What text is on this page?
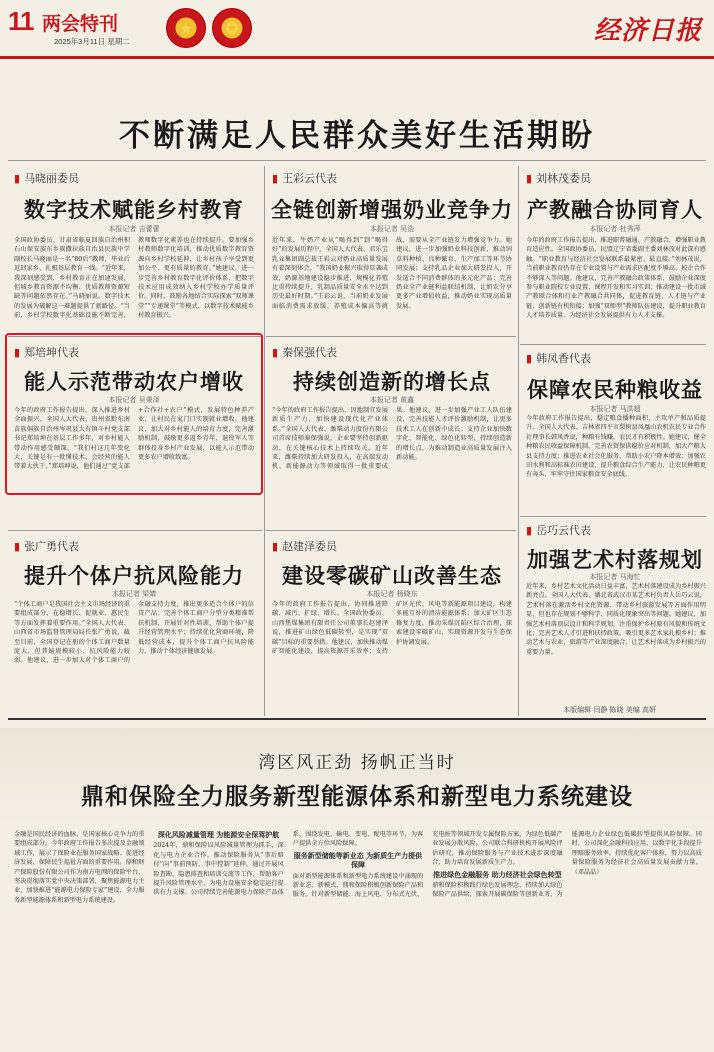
11 两会特刊
2025年3月11日 星期二
★	✪	经济日报
不断满足人民群众美好生活期盼
▮ 马晓丽委员
数字技术赋能乡村教育
本报记者 吉蕾蕾
全国政协委员、甘肃省临夏回族自治州积石山保安族东乡族撒拉族自治县民族中学副校长马晓丽是一名“80后”教师，毕业后返回家乡，扎根基层教育一线。“近年来，我深刻感受到，乡村教育正在加速发展，但城乡教育资源不均衡、优质教师资源短缺等问题依然存在。”马晓丽说，数字技术的发展为破解这一难题提供了新路径。“当前，乡村学校数字化基础设施不断完善，教师数字化素养也在持续提升。要加强乡村教师数字化培训，推动优质数字教育资源向乡村学校延伸，让乡村孩子享受到更加公平、更有质量的教育。”她建议，进一步完善乡村教育数字化评价体系，把数字技术应用成效纳入乡村学校办学质量评价。同时，鼓励各地结合实际探索“双师课堂”“专递课堂”等模式，以数字技术赋能乡村教育振兴。
▮ 王彩云代表
全链创新增强奶业竞争力
本报记者 吴浩
近年来，牛奶产业从“喝得到”到“喝得好”的发展历程中，全国人大代表、君乐宝乳业集团副总裁王彩云对奶业高质量发展有着深刻体会。“我国奶业振兴取得显著成效，奶源基地建设稳步推进，规模化养殖比重持续提升，乳制品质量安全水平达到历史最好时期。”王彩云说，当前奶业发展面临消费需求放缓、养殖成本偏高等挑战，需要从全产业链发力增强竞争力。她建议，进一步加强奶业科技创新，推动饲草料种植、良种繁育、生产加工等环节协同发展；支持乳品企业加大研发投入，开发适合不同消费群体的多元化产品；完善奶业全产业链利益联结机制，让奶农分享更多产业增值收益，推动奶业实现高质量发展。
▮ 刘林茂委员
产教融合协同育人
本报记者 杜秀萍
今年的政府工作报告提出，推进职普融通、产教融合，增强职业教育适应性。全国政协委员、民盟辽宁省委副主委刘林茂对此深有感触。“职业教育与经济社会发展联系最紧密、最直接。”刘林茂说，当前职业教育仍存在专业设置与产业需求匹配度不够高、校企合作不够深入等问题。他建议，完善产教融合政策体系，鼓励企业深度参与职业院校专业设置、课程开发和实习实训；推动建设一批市域产教联合体和行业产教融合共同体，促进教育链、人才链与产业链、创新链有机衔接；加强“双师型”教师队伍建设，提升职业教育人才培养质量，为经济社会发展提供有力人才支撑。
▮ 郑培坤代表
能人示范带动农户增收
本报记者 吴秉泽
今年的政府工作报告提出，深入推进乡村全面振兴。全国人大代表、贵州省黔东南苗族侗族自治州岑巩县大有镇斗村党支部书记郑培坤在基层工作多年，对乡村能人带动作用感受颇深。“我们村这几年变化大，关键是有一批懂技术、会经营的能人带着大伙干。”郑培坤说，他们通过“党支部+合作社+农户”模式，发展特色种养产业，让村民在家门口实现就业增收。他建议，加大对乡村能人的培育力度，完善激励机制，鼓励更多返乡青年、退役军人等群体投身乡村产业发展，以能人示范带动更多农户增收致富。
▮ 秦保强代表
持续创造新的增长点
本报记者 黄鑫
“今年的政府工作报告提出，因地制宜发展新质生产力，加快建设现代化产业体系。”全国人大代表、潍柴动力股份有限公司首席技师秦保强说，企业要坚持创新驱动，在关键核心技术上持续攻关。近年来，潍柴持续加大研发投入，在高端发动机、新能源动力等领域取得一批重要成果。他建议，进一步加强产业工人队伍建设，完善技能人才评价激励机制，让更多技术工人在创新中成长；支持企业加快数字化、智能化、绿色化转型，持续创造新的增长点，为推动制造业高质量发展注入新动能。
▮ 韩凤香代表
保障农民种粮收益
本报记者 马洪超
今年政府工作报告提出，稳定粮食播种面积，主攻单产和品质提升。全国人大代表、吉林省四平市梨树县凤凰山农机农民专业合作社理事长韩凤香说，种粮有钱赚，农民才有积极性。她建议，健全种粮农民收益保障机制，完善农资保供稳价应对机制，加大产粮大县支持力度；推进农业社会化服务，帮助小农户降本增效；加强农田水利和高标准农田建设，提升粮食综合生产能力，让农民种粮更有奔头，牢牢守住国家粮食安全底线。
▮ 张广勇代表
提升个体户抗风险能力
本报记者 梁婧
“个体工商户是我国社会主义市场经济的重要组成部分，在稳增长、促就业、惠民生等方面发挥着重要作用。”全国人大代表、山西省市场监督管理局局长张广勇说，截至目前，全国登记在册的个体工商户数量庞大，但普遍规模较小、抗风险能力较弱。他建议，进一步加大对个体工商户的金融支持力度，推出更多适合个体户的信贷产品；完善个体工商户分型分类精准帮扶机制，开展针对性培训，帮助个体户提升经营管理水平；持续优化营商环境，降低经营成本，提升个体工商户抗风险能力，推动个体经济健康发展。
▮ 赵建泽委员
建设零碳矿山改善生态
本报记者 杨晓东
今年的政府工作报告提出，协同推进降碳、减污、扩绿、增长。全国政协委员、山西焦煤集团有限责任公司董事长赵建泽说，推进矿山绿色低碳转型，是实现“双碳”目标的重要举措。他建议，加快推动煤矿智能化建设，提高资源开采效率；支持矿区光伏、风电等新能源项目建设，构建多能互补的清洁能源体系；加大矿区生态修复力度，推动采煤沉陷区综合治理，探索建设零碳矿山，实现资源开发与生态保护协调发展。
▮ 岳巧云代表
加强艺术村落规划
本报记者 马海忙
近年来，乡村艺术文化活动日益丰富，艺术村落建设成为乡村振兴新亮点。全国人大代表、湖北省武汉市某艺术村负责人岳巧云说，艺术村落在激活乡村文化资源、带动乡村旅游发展等方面作用明显，但也存在规划不够科学、同质化现象突出等问题。她建议，加强艺术村落顶层设计和科学规划，注重保护乡村原有风貌和传统文化；完善艺术人才引进和扶持政策，吸引更多艺术家扎根乡村；推动艺术与农业、旅游等产业深度融合，让艺术村落成为乡村振兴的重要力量。
本版编辑 闫静 陈晓 美编 高妍
湾区风正劲 扬帆正当时
鼎和保险全力服务新型能源体系和新型电力系统建设
金融是国民经济的血脉，是国家核心竞争力的重要组成部分。今年政府工作报告多次提及金融领域工作，展示了保险业在服务国家战略、促进经济发展、保障民生福祉方面的重要作用。鼎和财产保险股份有限公司作为南方电网的保险平台，坚决贯彻落实党中央决策部署，聚焦能源电力主业，加快推进“能源电力保险专家”建设，全力服务新型能源体系和新型电力系统建设。
深化风险减量管理 为能源安全保驾护航
2024年，鼎和保险以风险减量管理为抓手，深化与电力企业合作，推动保险服务从“事后赔付”向“事前预防、事中控制”延伸。通过开展风险查勘、隐患排查和培训交流等工作，帮助客户提升风险管理水平，为电力设施安全稳定运行提供有力支撑。公司持续完善能源电力保险产品体系，围绕发电、输电、变电、配电等环节，为客户提供全方位风险保障。
服务新型储能等新业态 为新质生产力提供保障
面对新型能源体系和新型电力系统建设中涌现的新业态、新模式，鼎和保险积极创新保险产品和服务。针对新型储能、海上风电、分布式光伏、充电桩等领域开发专属保险方案，为绿色低碳产业发展分散风险。公司联合科研机构开展风险评估研究，推动保险服务与产业技术进步深度融合，助力培育发展新质生产力。
推进绿色金融服务 助力经济社会绿色转型
鼎和保险积极践行绿色发展理念，持续加大绿色保险产品供给，探索开展碳保险等创新业务，为能源电力企业绿色低碳转型提供风险保障。同时，公司深化金融科技应用，以数字化手段提升理赔服务效率，持续优化客户体验，努力以高质量保险服务为经济社会高质量发展贡献力量。 （邓晶晶）
